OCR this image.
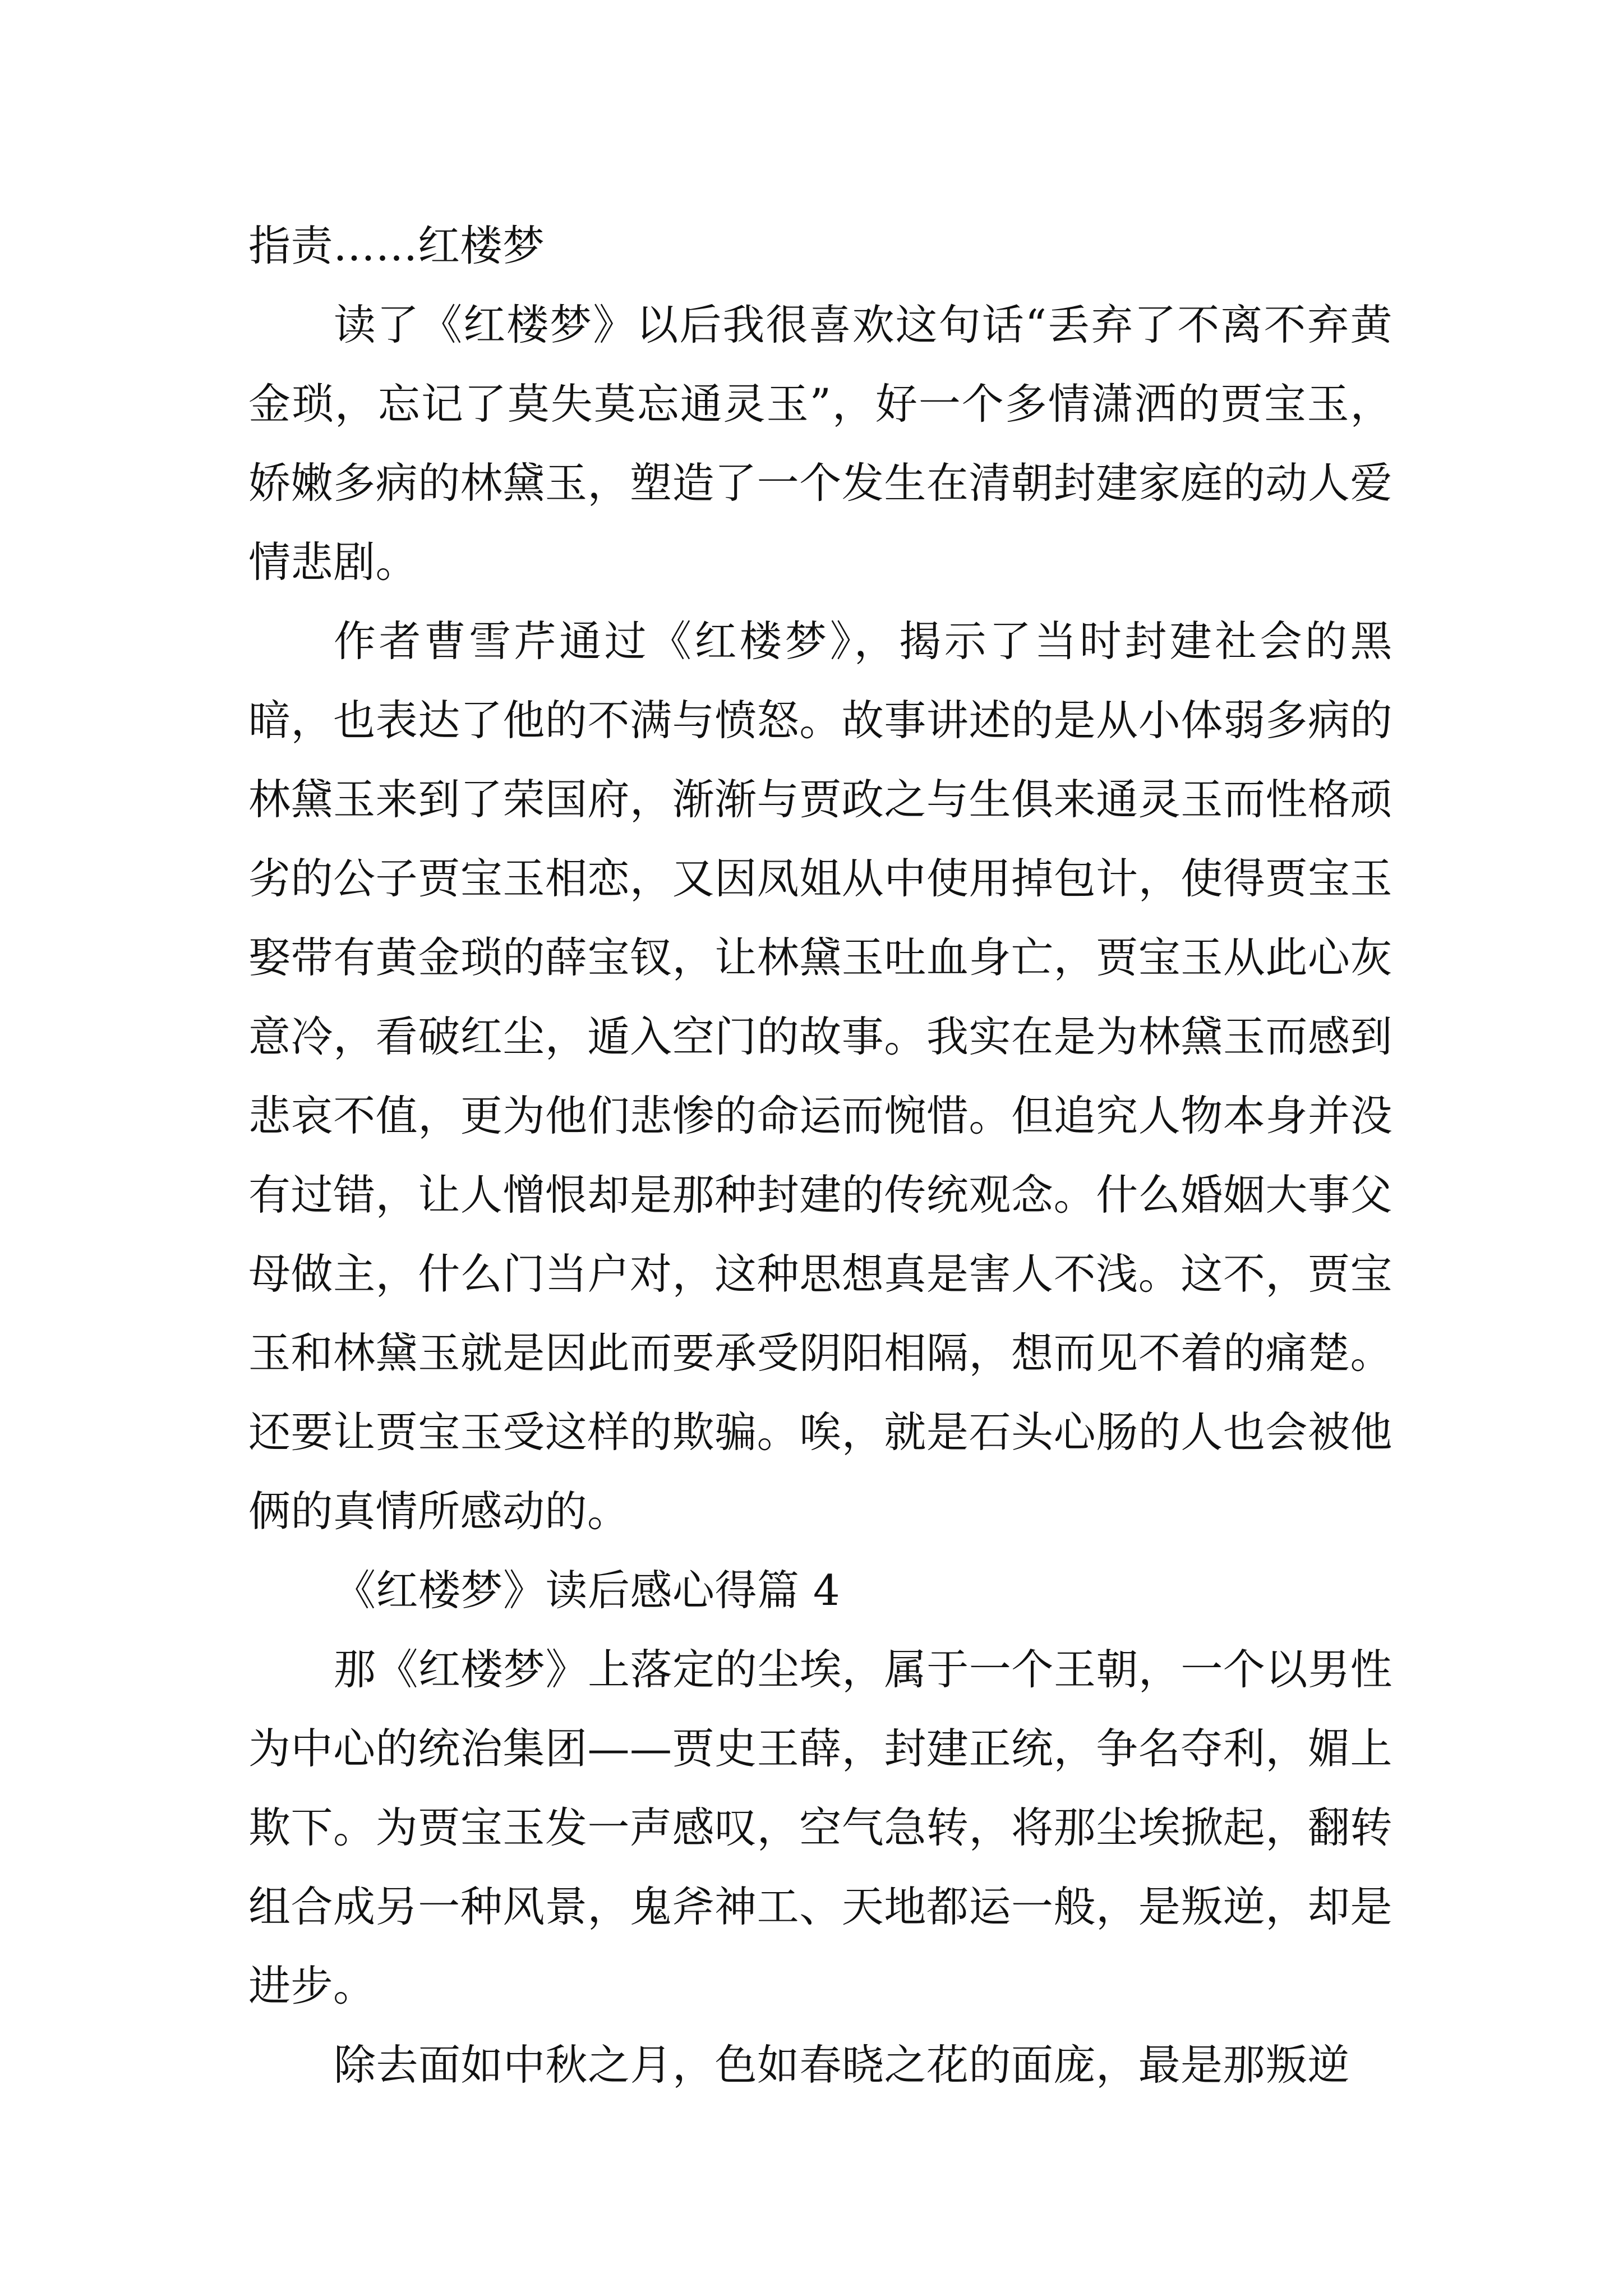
指责……红楼梦

读了《红楼梦》以后我很喜欢这句话“丢弃了不离不弃黄金琐，忘记了莫失莫忘通灵玉”，好一个多情潇洒的贾宝玉，娇嫩多病的林黛玉，塑造了一个发生在清朝封建家庭的动人爱情悲剧。

作者曹雪芹通过《红楼梦》，揭示了当时封建社会的黑暗，也表达了他的不满与愤怒。故事讲述的是从小体弱多病的林黛玉来到了荣国府，渐渐与贾政之与生俱来通灵玉而性格顽劣的公子贾宝玉相恋，又因凤姐从中使用掉包计，使得贾宝玉娶带有黄金琐的薛宝钗，让林黛玉吐血身亡，贾宝玉从此心灰意冷，看破红尘，遁入空门的故事。我实在是为林黛玉而感到悲哀不值，更为他们悲惨的命运而惋惜。但追究人物本身并没有过错，让人憎恨却是那种封建的传统观念。什么婚姻大事父母做主，什么门当户对，这种思想真是害人不浅。这不，贾宝玉和林黛玉就是因此而要承受阴阳相隔，想而见不着的痛楚。还要让贾宝玉受这样的欺骗。唉，就是石头心肠的人也会被他俩的真情所感动的。

《红楼梦》读后感心得篇 4

那《红楼梦》上落定的尘埃，属于一个王朝，一个以男性为中心的统治集团——贾史王薛，封建正统，争名夺利，媚上欺下。为贾宝玉发一声感叹，空气急转，将那尘埃掀起，翻转组合成另一种风景，鬼斧神工、天地都运一般，是叛逆，却是进步。

除去面如中秋之月，色如春晓之花的面庞，最是那叛逆
